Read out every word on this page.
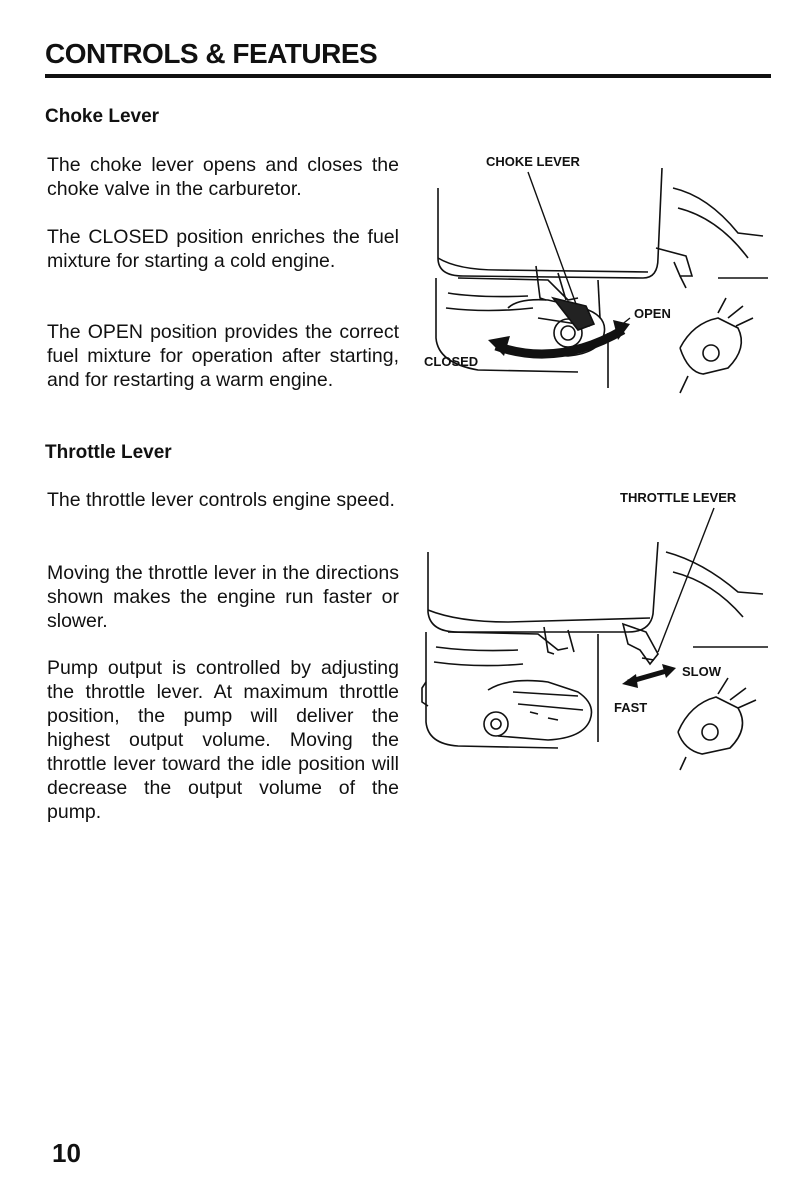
CONTROLS & FEATURES
Choke Lever

The choke lever opens and closes the choke valve in the carburetor.

The CLOSED position enriches the fuel mixture for starting a cold engine.

The OPEN position provides the correct fuel mixture for operation after starting, and for restarting a warm engine.

CHOKE LEVER
OPEN
CLOSED
Throttle Lever

The throttle lever controls engine speed.

Moving the throttle lever in the directions shown makes the engine run faster or slower.

Pump output is controlled by adjusting the throttle lever. At maximum throttle position, the pump will deliver the highest output volume. Moving the throttle lever toward the idle position will decrease the output volume of the pump.

THROTTLE LEVER
SLOW
FAST
10
